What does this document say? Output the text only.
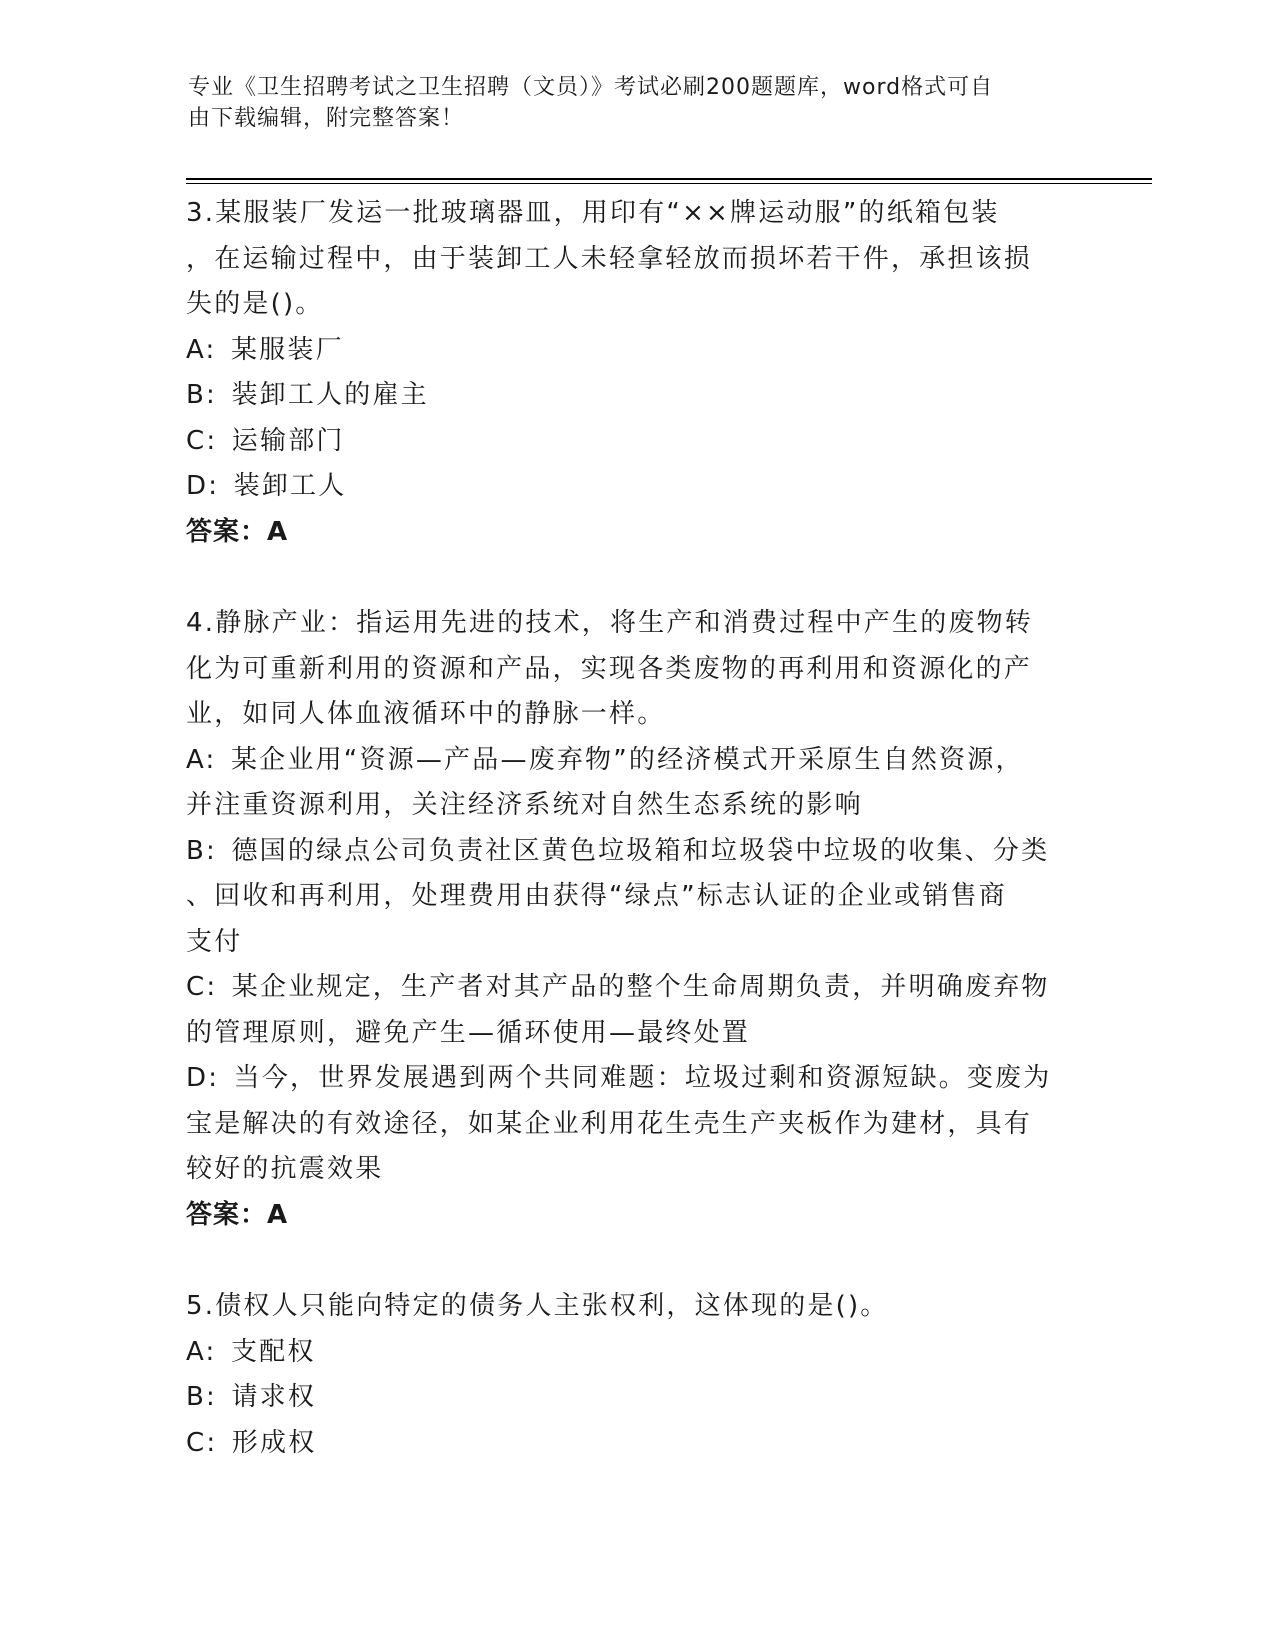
专业《卫生招聘考试之卫生招聘（文员）》考试必刷200题题库，word格式可自
由下载编辑，附完整答案！

3.某服装厂发运一批玻璃器皿，用印有“××牌运动服”的纸箱包装

，在运输过程中，由于装卸工人未轻拿轻放而损坏若干件，承担该损

失的是()。

A: 某服装厂

B: 装卸工人的雇主

C: 运输部门

D: 装卸工人

答案：A

4.静脉产业：指运用先进的技术，将生产和消费过程中产生的废物转

化为可重新利用的资源和产品，实现各类废物的再利用和资源化的产

业，如同人体血液循环中的静脉一样。

A: 某企业用“资源—产品—废弃物”的经济模式开采原生自然资源，

并注重资源利用，关注经济系统对自然生态系统的影响

B: 德国的绿点公司负责社区黄色垃圾箱和垃圾袋中垃圾的收集、分类

、回收和再利用，处理费用由获得“绿点”标志认证的企业或销售商

支付

C: 某企业规定，生产者对其产品的整个生命周期负责，并明确废弃物

的管理原则，避免产生—循环使用—最终处置

D: 当今，世界发展遇到两个共同难题：垃圾过剩和资源短缺。变废为

宝是解决的有效途径，如某企业利用花生壳生产夹板作为建材，具有

较好的抗震效果

答案：A

5.债权人只能向特定的债务人主张权利，这体现的是()。

A: 支配权

B: 请求权

C: 形成权
